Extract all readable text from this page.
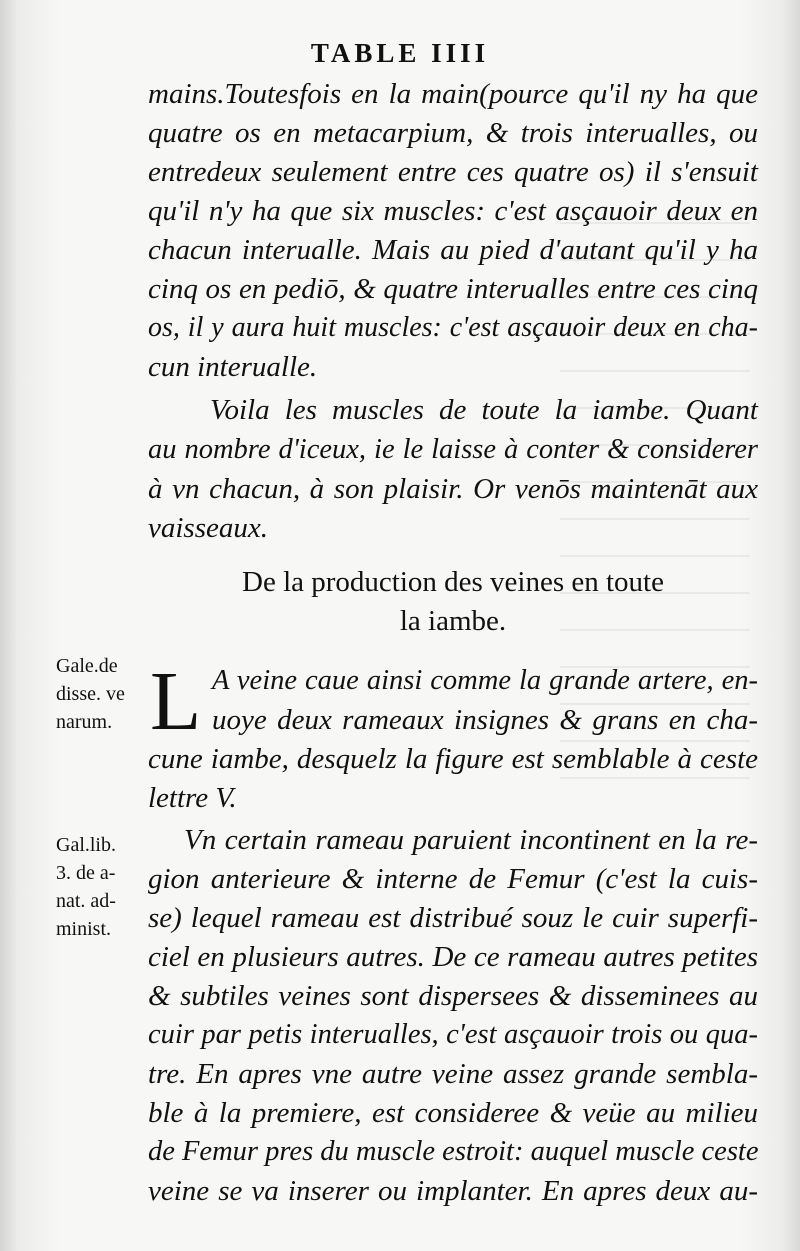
TABLE IIII
mains.Toutesfois en la main(pource qu'il ny ha que
quatre os en metacarpium, & trois interualles, ou
entredeux seulement entre ces quatre os) il s'ensuit
qu'il n'y ha que six muscles: c'est asçauoir deux en
chacun interualle. Mais au pied d'autant qu'il y ha
cinq os en pediō, & quatre interualles entre ces cinq
os, il y aura huit muscles: c'est asçauoir deux en cha-
cun interualle.
Voila les muscles de toute la iambe. Quant
au nombre d'iceux, ie le laisse à conter & considerer
à vn chacun, à son plaisir. Or venōs maintenāt aux
vaisseaux.
De la production des veines en toute
la iambe.
Gale.de
disse. ve
narum. L A veine caue ainsi comme la grande artere, en-
uoye deux rameaux insignes & grans en cha-
cune iambe, desquelz la figure est semblable à ceste
lettre V.
Gal.lib.
3. de a-
nat. ad-
minist.
Vn certain rameau paruient incontinent en la re-
gion anterieure & interne de Femur (c'est la cuis-
se) lequel rameau est distribué souz le cuir superfi-
ciel en plusieurs autres. De ce rameau autres petites
& subtiles veines sont dispersees & disseminees au
cuir par petis interualles, c'est asçauoir trois ou qua-
tre. En apres vne autre veine assez grande sembla-
ble à la premiere, est consideree & veüe au milieu
de Femur pres du muscle estroit: auquel muscle ceste
veine se va inserer ou implanter. En apres deux au-
